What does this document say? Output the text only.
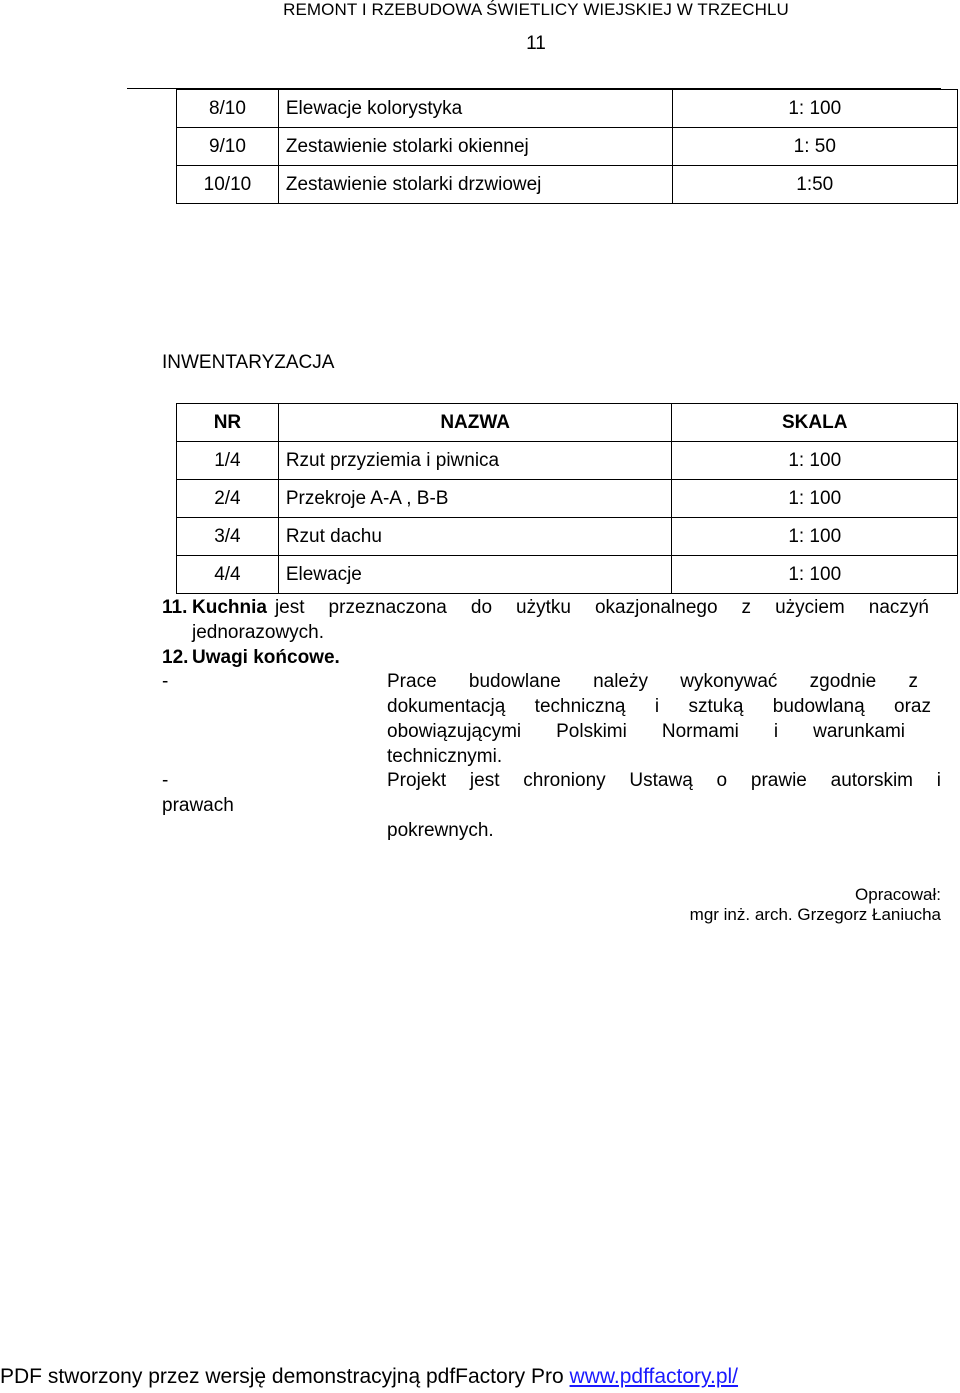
REMONT I RZEBUDOWA ŚWIETLICY WIEJSKIEJ W TRZECHLU
11
8/10	Elewacje kolorystyka	1: 100
9/10	Zestawienie stolarki okiennej	1: 50
10/10	Zestawienie stolarki drzwiowej	1:50
INWENTARYZACJA
NR	NAZWA	SKALA
1/4	Rzut przyziemia i piwnica	1: 100
2/4	Przekroje A-A , B-B	1: 100
3/4	Rzut dachu	1: 100
4/4	Elewacje	1: 100
11. Kuchnia jest przeznaczona do użytku okazjonalnego z użyciem naczyń
jednorazowych.
12. Uwagi końcowe.
-	Prace budowlane należy wykonywać zgodnie z
dokumentacją techniczną i sztuką budowlaną oraz
obowiązującymi Polskimi Normami i warunkami
technicznymi.
-	Projekt jest chroniony Ustawą o prawie autorskim i
prawach
pokrewnych.
Opracował:
mgr inż. arch. Grzegorz Łaniucha
PDF stworzony przez wersję demonstracyjną pdfFactory Pro www.pdffactory.pl/
